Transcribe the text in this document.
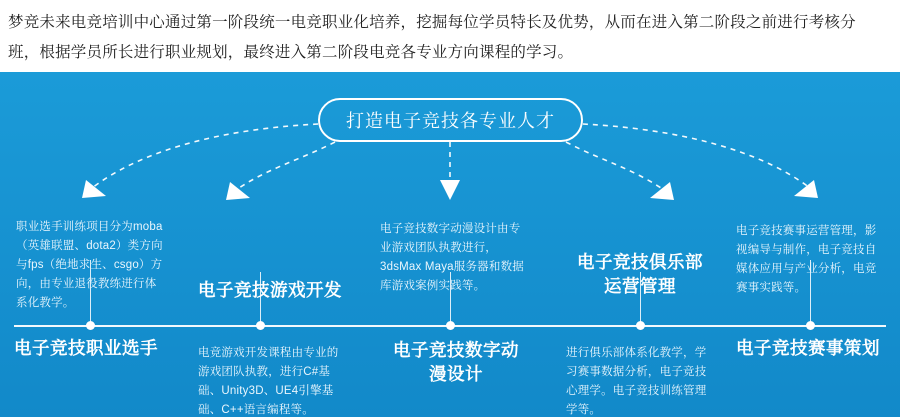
梦竞未来电竞培训中心通过第一阶段统一电竞职业化培养，挖掘每位学员特长及优势，从而在进入第二阶段之前进行考核分班，根据学员所长进行职业规划，最终进入第二阶段电竞各专业方向课程的学习。
打造电子竞技各专业人才
职业选手训练项目分为moba（英雄联盟、dota2）类方向与fps（绝地求生、csgo）方向，由专业退役教练进行体系化教学。
电子竞技职业选手
电子竞技游戏开发
电竞游戏开发课程由专业的游戏团队执教，进行C#基础、Unity3D、UE4引擎基础、C++语言编程等。
电子竞技数字动漫设计由专业游戏团队执教进行，3dsMax Maya服务器和数据库游戏案例实践等。
电子竞技数字动漫设计
电子竞技俱乐部运营管理
进行俱乐部体系化教学，学习赛事数据分析，电子竞技心理学。电子竞技训练管理学等。
电子竞技赛事运营管理，影视编导与制作，电子竞技自媒体应用与产业分析，电竞赛事实践等。
电子竞技赛事策划
